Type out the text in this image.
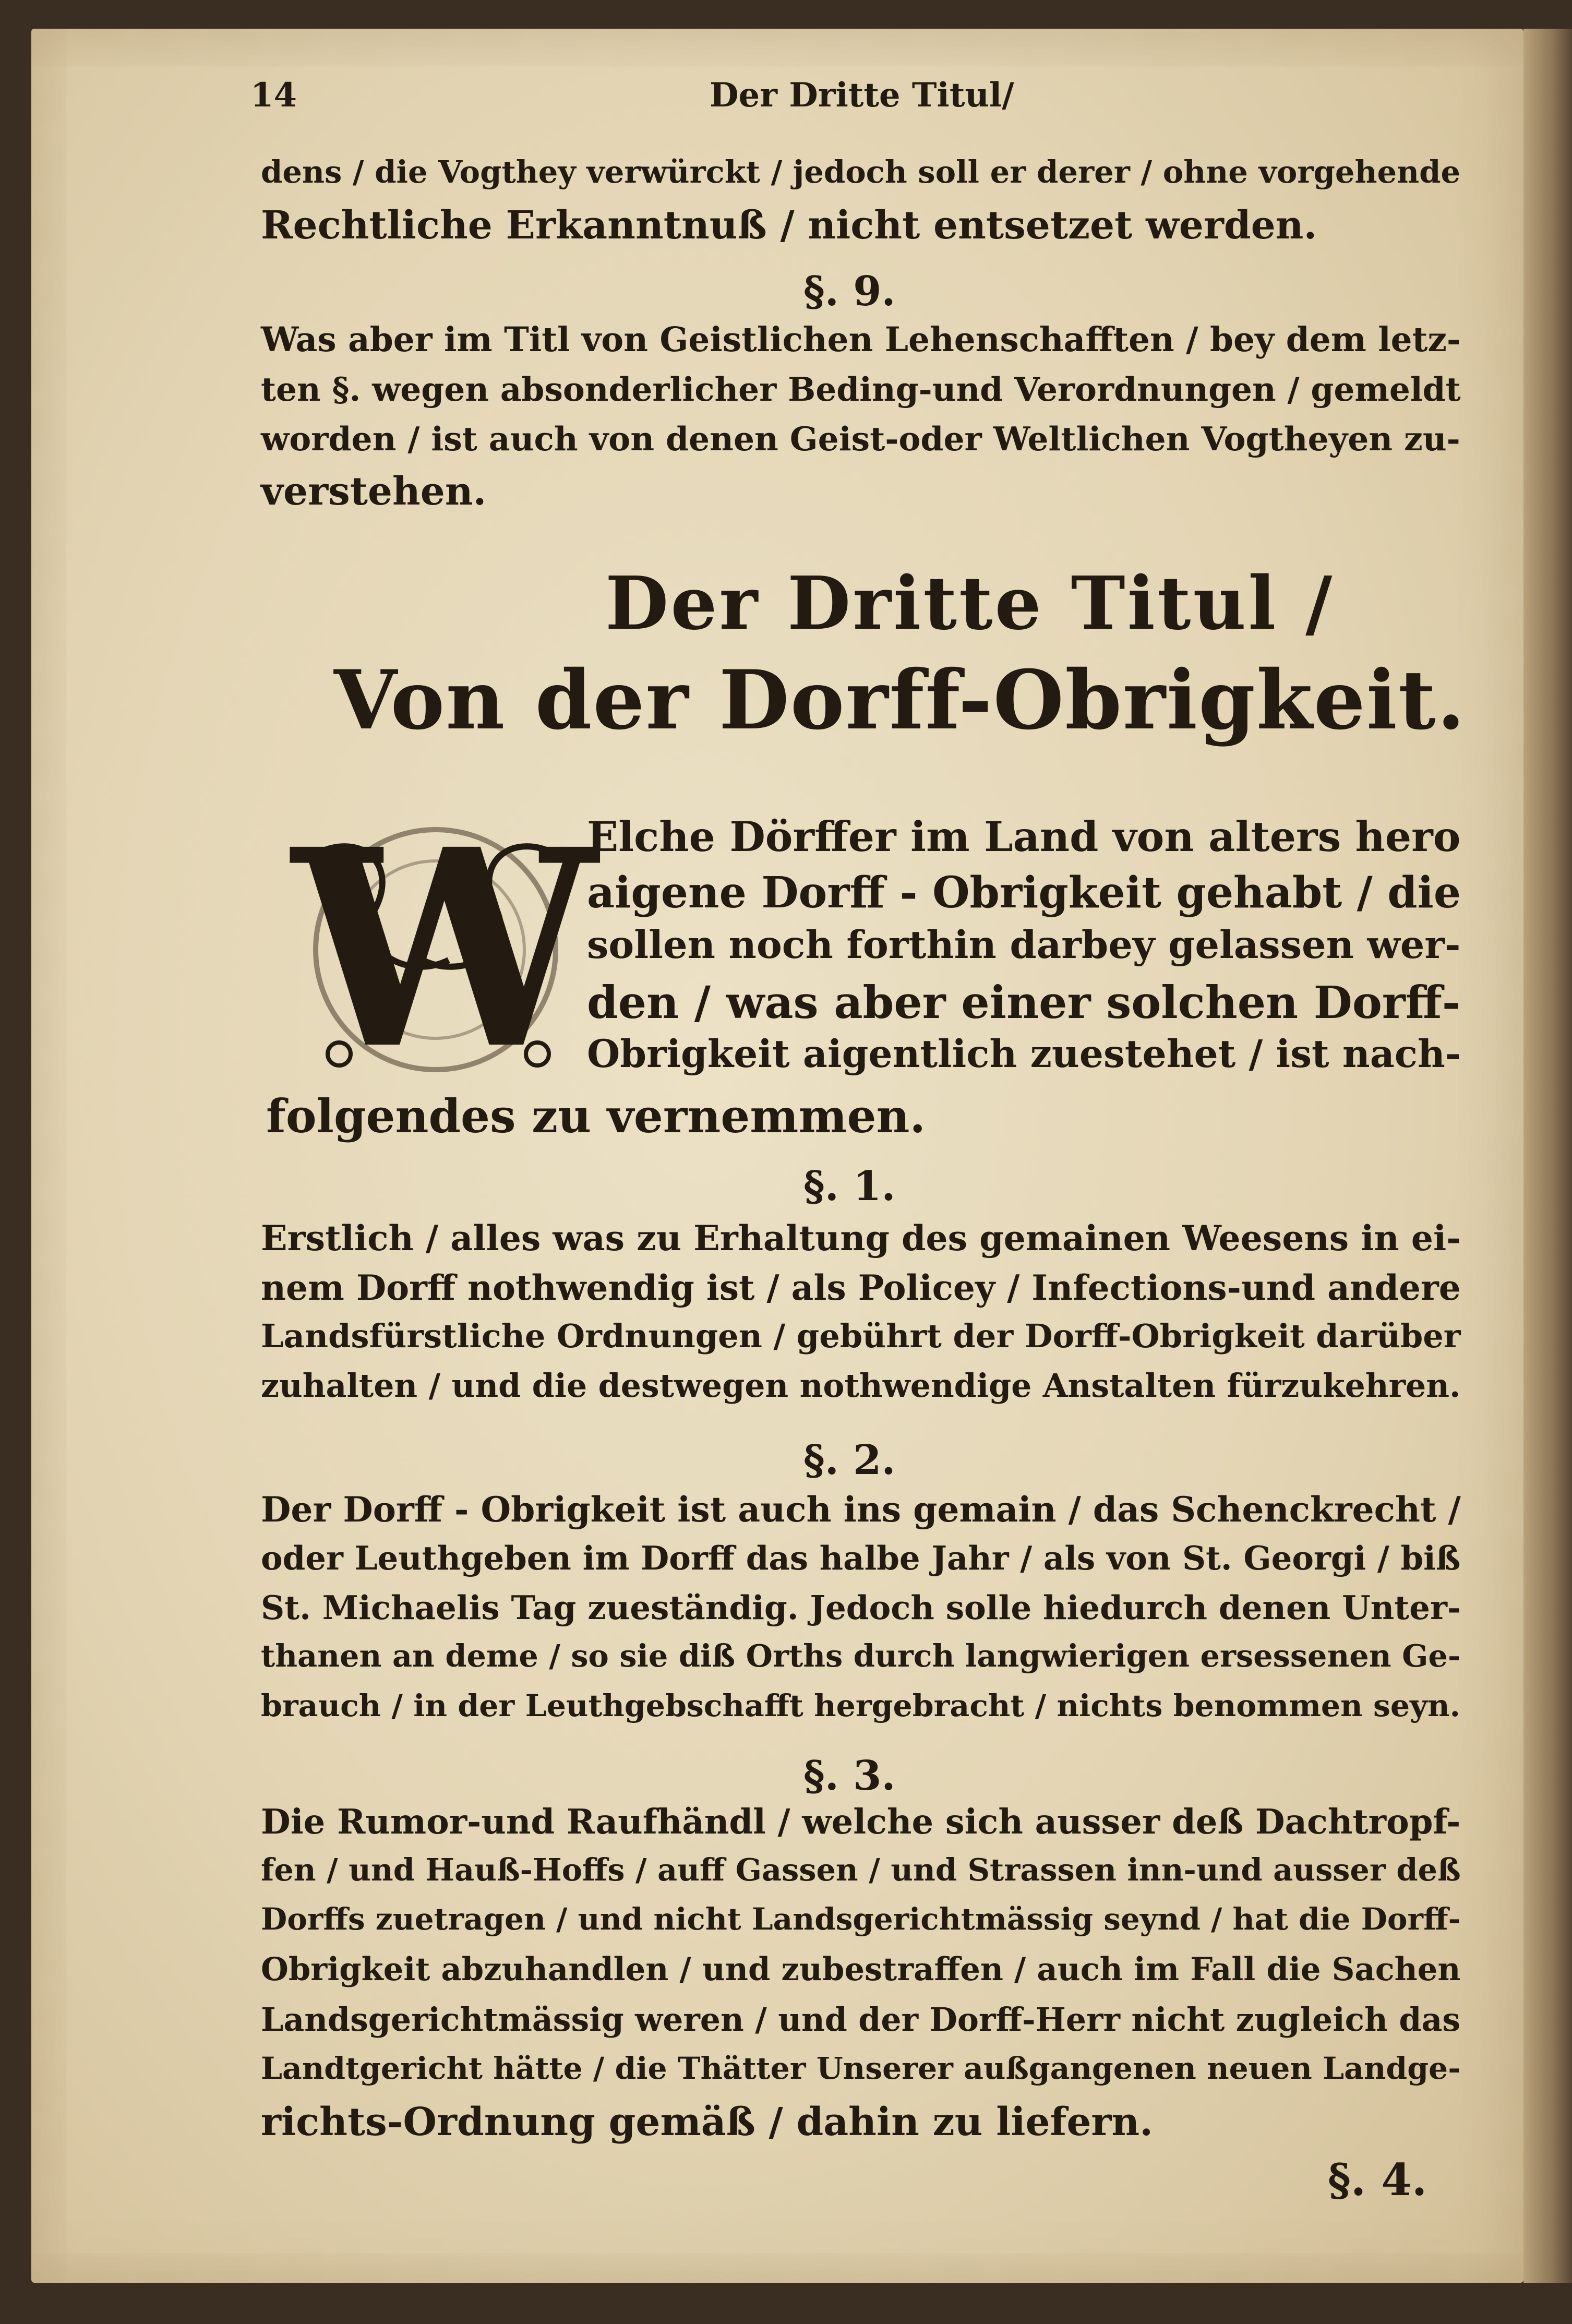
14	Der Dritte Titul/
dens / die Vogthey verwürckt / jedoch soll er derer / ohne vorgehende
Rechtliche Erkanntnuß / nicht entsetzet werden.
§. 9.
Was aber im Titl von Geistlichen Lehenschafften / bey dem letz-
ten §. wegen absonderlicher Beding-und Verordnungen / gemeldt
worden / ist auch von denen Geist-oder Weltlichen Vogtheyen zu-
verstehen.
Der Dritte Titul /
Von der Dorff-Obrigkeit.
W
Elche Dörffer im Land von alters hero
aigene Dorff - Obrigkeit gehabt / die
sollen noch forthin darbey gelassen wer-
den / was aber einer solchen Dorff-
Obrigkeit aigentlich zuestehet / ist nach-
folgendes zu vernemmen.
§. 1.
Erstlich / alles was zu Erhaltung des gemainen Weesens in ei-
nem Dorff nothwendig ist / als Policey / Infections-und andere
Landsfürstliche Ordnungen / gebührt der Dorff-Obrigkeit darüber
zuhalten / und die destwegen nothwendige Anstalten fürzukehren.
§. 2.
Der Dorff - Obrigkeit ist auch ins gemain / das Schenckrecht /
oder Leuthgeben im Dorff das halbe Jahr / als von St. Georgi / biß
St. Michaelis Tag zueständig. Jedoch solle hiedurch denen Unter-
thanen an deme / so sie diß Orths durch langwierigen ersessenen Ge-
brauch / in der Leuthgebschafft hergebracht / nichts benommen seyn.
§. 3.
Die Rumor-und Raufhändl / welche sich ausser deß Dachtropf-
fen / und Hauß-Hoffs / auff Gassen / und Strassen inn-und ausser deß
Dorffs zuetragen / und nicht Landsgerichtmässig seynd / hat die Dorff-
Obrigkeit abzuhandlen / und zubestraffen / auch im Fall die Sachen
Landsgerichtmässig weren / und der Dorff-Herr nicht zugleich das
Landtgericht hätte / die Thätter Unserer außgangenen neuen Landge-
richts-Ordnung gemäß / dahin zu liefern.
§. 4.
